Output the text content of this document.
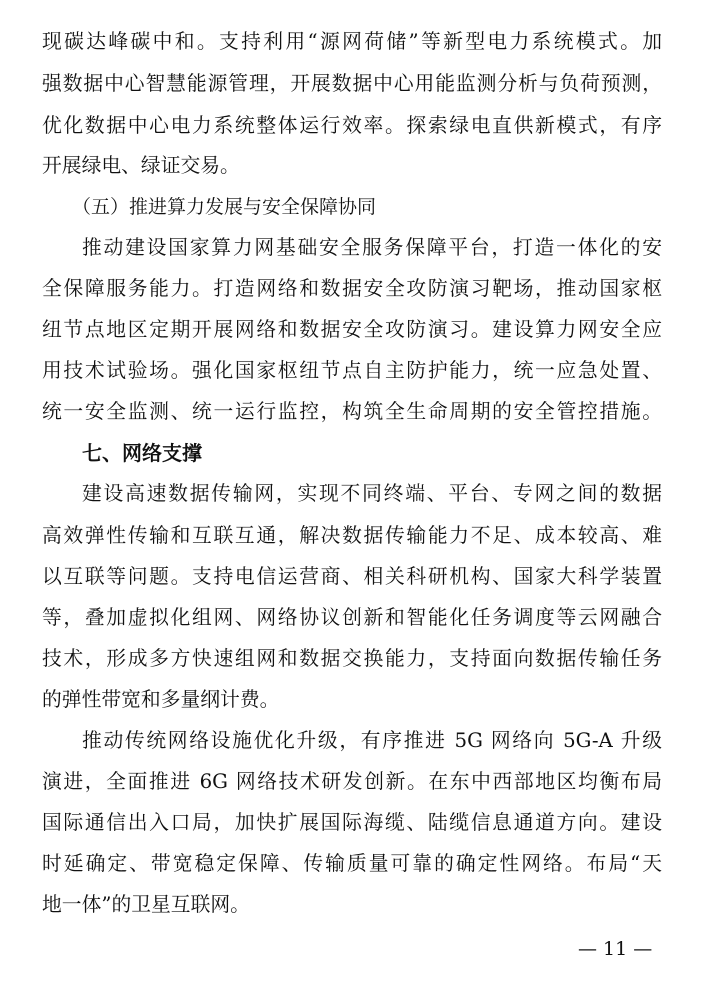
现碳达峰碳中和。支持利用“源网荷储”等新型电力系统模式。加
强数据中心智慧能源管理，开展数据中心用能监测分析与负荷预测，
优化数据中心电力系统整体运行效率。探索绿电直供新模式，有序
开展绿电、绿证交易。
（五）推进算力发展与安全保障协同
推动建设国家算力网基础安全服务保障平台，打造一体化的安
全保障服务能力。打造网络和数据安全攻防演习靶场，推动国家枢
纽节点地区定期开展网络和数据安全攻防演习。建设算力网安全应
用技术试验场。强化国家枢纽节点自主防护能力，统一应急处置、
统一安全监测、统一运行监控，构筑全生命周期的安全管控措施。
七、网络支撑
建设高速数据传输网，实现不同终端、平台、专网之间的数据
高效弹性传输和互联互通，解决数据传输能力不足、成本较高、难
以互联等问题。支持电信运营商、相关科研机构、国家大科学装置
等，叠加虚拟化组网、网络协议创新和智能化任务调度等云网融合
技术，形成多方快速组网和数据交换能力，支持面向数据传输任务
的弹性带宽和多量纲计费。
推动传统网络设施优化升级，有序推进 5G 网络向 5G-A 升级
演进，全面推进 6G 网络技术研发创新。在东中西部地区均衡布局
国际通信出入口局，加快扩展国际海缆、陆缆信息通道方向。建设
时延确定、带宽稳定保障、传输质量可靠的确定性网络。布局“天
地一体”的卫星互联网。
— 11 —
